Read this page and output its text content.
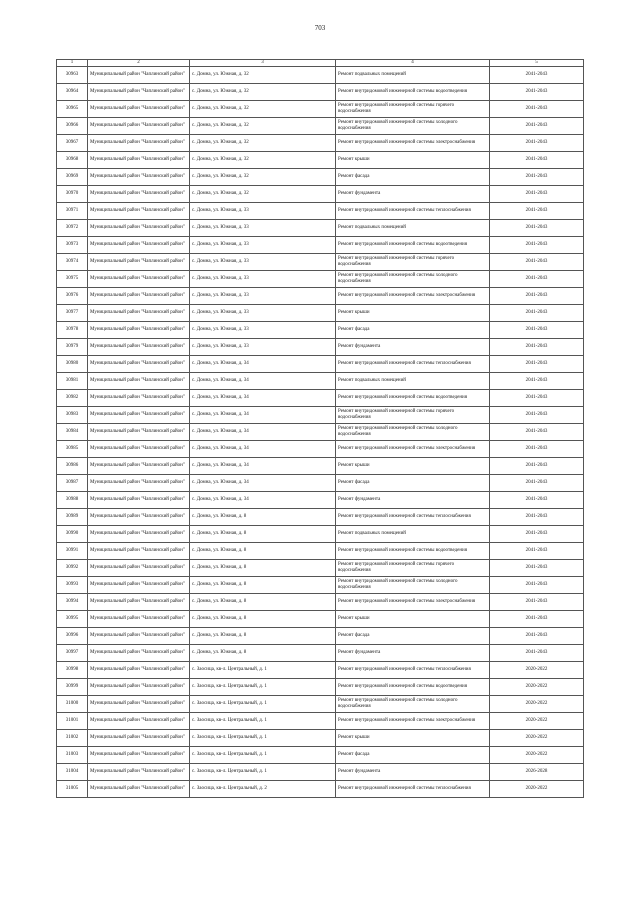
703
1	2	3	4	5
30963	Муниципальный район "Чаплинский район"	с. Домна, ул. Южная, д. 32	Ремонт подвальных помещений	2041-2043
30964	Муниципальный район "Чаплинский район"	с. Домна, ул. Южная, д. 32	Ремонт внутридомовой инженерной системы водоотведения	2041-2043
30965	Муниципальный район "Чаплинский район"	с. Домна, ул. Южная, д. 32	Ремонт внутридомовой инженерной системы горячего водоснабжения	2041-2043
30966	Муниципальный район "Чаплинский район"	с. Домна, ул. Южная, д. 32	Ремонт внутридомовой инженерной системы холодного водоснабжения	2041-2043
30967	Муниципальный район "Чаплинский район"	с. Домна, ул. Южная, д. 32	Ремонт внутридомовой инженерной системы электроснабжения	2041-2043
30968	Муниципальный район "Чаплинский район"	с. Домна, ул. Южная, д. 32	Ремонт крыши	2041-2043
30969	Муниципальный район "Чаплинский район"	с. Домна, ул. Южная, д. 32	Ремонт фасада	2041-2043
30970	Муниципальный район "Чаплинский район"	с. Домна, ул. Южная, д. 32	Ремонт фундамента	2041-2043
30971	Муниципальный район "Чаплинский район"	с. Домна, ул. Южная, д. 33	Ремонт внутридомовой инженерной системы теплоснабжения	2041-2043
30972	Муниципальный район "Чаплинский район"	с. Домна, ул. Южная, д. 33	Ремонт подвальных помещений	2041-2043
30973	Муниципальный район "Чаплинский район"	с. Домна, ул. Южная, д. 33	Ремонт внутридомовой инженерной системы водоотведения	2041-2043
30974	Муниципальный район "Чаплинский район"	с. Домна, ул. Южная, д. 33	Ремонт внутридомовой инженерной системы горячего водоснабжения	2041-2043
30975	Муниципальный район "Чаплинский район"	с. Домна, ул. Южная, д. 33	Ремонт внутридомовой инженерной системы холодного водоснабжения	2041-2043
30976	Муниципальный район "Чаплинский район"	с. Домна, ул. Южная, д. 33	Ремонт внутридомовой инженерной системы электроснабжения	2041-2043
30977	Муниципальный район "Чаплинский район"	с. Домна, ул. Южная, д. 33	Ремонт крыши	2041-2043
30978	Муниципальный район "Чаплинский район"	с. Домна, ул. Южная, д. 33	Ремонт фасада	2041-2043
30979	Муниципальный район "Чаплинский район"	с. Домна, ул. Южная, д. 33	Ремонт фундамента	2041-2043
30980	Муниципальный район "Чаплинский район"	с. Домна, ул. Южная, д. 34	Ремонт внутридомовой инженерной системы теплоснабжения	2041-2043
30981	Муниципальный район "Чаплинский район"	с. Домна, ул. Южная, д. 34	Ремонт подвальных помещений	2041-2043
30982	Муниципальный район "Чаплинский район"	с. Домна, ул. Южная, д. 34	Ремонт внутридомовой инженерной системы водоотведения	2041-2043
30983	Муниципальный район "Чаплинский район"	с. Домна, ул. Южная, д. 34	Ремонт внутридомовой инженерной системы горячего водоснабжения	2041-2043
30984	Муниципальный район "Чаплинский район"	с. Домна, ул. Южная, д. 34	Ремонт внутридомовой инженерной системы холодного водоснабжения	2041-2043
30985	Муниципальный район "Чаплинский район"	с. Домна, ул. Южная, д. 34	Ремонт внутридомовой инженерной системы электроснабжения	2041-2043
30986	Муниципальный район "Чаплинский район"	с. Домна, ул. Южная, д. 34	Ремонт крыши	2041-2043
30987	Муниципальный район "Чаплинский район"	с. Домна, ул. Южная, д. 34	Ремонт фасада	2041-2043
30988	Муниципальный район "Чаплинский район"	с. Домна, ул. Южная, д. 34	Ремонт фундамента	2041-2043
30989	Муниципальный район "Чаплинский район"	с. Домна, ул. Южная, д. 8	Ремонт внутридомовой инженерной системы теплоснабжения	2041-2043
30990	Муниципальный район "Чаплинский район"	с. Домна, ул. Южная, д. 8	Ремонт подвальных помещений	2041-2043
30991	Муниципальный район "Чаплинский район"	с. Домна, ул. Южная, д. 8	Ремонт внутридомовой инженерной системы водоотведения	2041-2043
30992	Муниципальный район "Чаплинский район"	с. Домна, ул. Южная, д. 8	Ремонт внутридомовой инженерной системы горячего водоснабжения	2041-2043
30993	Муниципальный район "Чаплинский район"	с. Домна, ул. Южная, д. 8	Ремонт внутридомовой инженерной системы холодного водоснабжения	2041-2043
30994	Муниципальный район "Чаплинский район"	с. Домна, ул. Южная, д. 8	Ремонт внутридомовой инженерной системы электроснабжения	2041-2043
30995	Муниципальный район "Чаплинский район"	с. Домна, ул. Южная, д. 8	Ремонт крыши	2041-2043
30996	Муниципальный район "Чаплинский район"	с. Домна, ул. Южная, д. 8	Ремонт фасада	2041-2043
30997	Муниципальный район "Чаплинский район"	с. Домна, ул. Южная, д. 8	Ремонт фундамента	2041-2043
30998	Муниципальный район "Чаплинский район"	с. Заосица, кв-л. Центральный, д. 1	Ремонт внутридомовой инженерной системы теплоснабжения	2020-2022
30999	Муниципальный район "Чаплинский район"	с. Заосица, кв-л. Центральный, д. 1	Ремонт внутридомовой инженерной системы водоотведения	2020-2022
31000	Муниципальный район "Чаплинский район"	с. Заосица, кв-л. Центральный, д. 1	Ремонт внутридомовой инженерной системы холодного водоснабжения	2020-2022
31001	Муниципальный район "Чаплинский район"	с. Заосица, кв-л. Центральный, д. 1	Ремонт внутридомовой инженерной системы электроснабжения	2020-2022
31002	Муниципальный район "Чаплинский район"	с. Заосица, кв-л. Центральный, д. 1	Ремонт крыши	2020-2022
31003	Муниципальный район "Чаплинский район"	с. Заосица, кв-л. Центральный, д. 1	Ремонт фасада	2020-2022
31004	Муниципальный район "Чаплинский район"	с. Заосица, кв-л. Центральный, д. 1	Ремонт фундамента	2026-2028
31005	Муниципальный район "Чаплинский район"	с. Заосица, кв-л. Центральный, д. 2	Ремонт внутридомовой инженерной системы теплоснабжения	2020-2022
